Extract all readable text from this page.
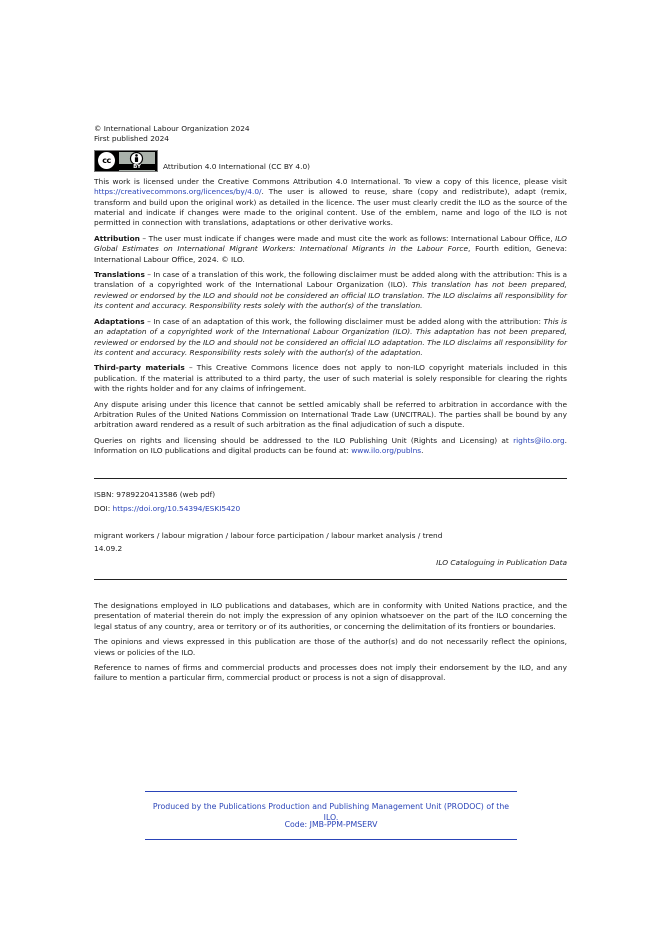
© International Labour Organization 2024

First published 2024

cc
BY	Attribution 4.0 International (CC BY 4.0)

This work is licensed under the Creative Commons Attribution 4.0 International. To view a copy of this licence, please visit https://creativecommons.org/licences/by/4.0/. The user is allowed to reuse, share (copy and redistribute), adapt (remix, transform and build upon the original work) as detailed in the licence. The user must clearly credit the ILO as the source of the material and indicate if changes were made to the original content. Use of the emblem, name and logo of the ILO is not permitted in connection with translations, adaptations or other derivative works.

Attribution – The user must indicate if changes were made and must cite the work as follows: International Labour Office, ILO Global Estimates on International Migrant Workers: International Migrants in the Labour Force, Fourth edition, Geneva: International Labour Office, 2024. © ILO.

Translations – In case of a translation of this work, the following disclaimer must be added along with the attribution: This is a translation of a copyrighted work of the International Labour Organization (ILO). This translation has not been prepared, reviewed or endorsed by the ILO and should not be considered an official ILO translation. The ILO disclaims all responsibility for its content and accuracy. Responsibility rests solely with the author(s) of the translation.

Adaptations – In case of an adaptation of this work, the following disclaimer must be added along with the attribution: This is an adaptation of a copyrighted work of the International Labour Organization (ILO). This adaptation has not been prepared, reviewed or endorsed by the ILO and should not be considered an official ILO adaptation. The ILO disclaims all responsibility for its content and accuracy. Responsibility rests solely with the author(s) of the adaptation.

Third-party materials – This Creative Commons licence does not apply to non-ILO copyright materials included in this publication. If the material is attributed to a third party, the user of such material is solely responsible for clearing the rights with the rights holder and for any claims of infringement.

Any dispute arising under this licence that cannot be settled amicably shall be referred to arbitration in accordance with the Arbitration Rules of the United Nations Commission on International Trade Law (UNCITRAL). The parties shall be bound by any arbitration award rendered as a result of such arbitration as the final adjudication of such a dispute.

Queries on rights and licensing should be addressed to the ILO Publishing Unit (Rights and Licensing) at rights@ilo.org. Information on ILO publications and digital products can be found at: www.ilo.org/publns.

ISBN: 9789220413586 (web pdf)

DOI: https://doi.org/10.54394/ESKI5420

migrant workers / labour migration / labour force participation / labour market analysis / trend

14.09.2

ILO Cataloguing in Publication Data

The designations employed in ILO publications and databases, which are in conformity with United Nations practice, and the presentation of material therein do not imply the expression of any opinion whatsoever on the part of the ILO concerning the legal status of any country, area or territory or of its authorities, or concerning the delimitation of its frontiers or boundaries.

The opinions and views expressed in this publication are those of the author(s) and do not necessarily reflect the opinions, views or policies of the ILO.

Reference to names of firms and commercial products and processes does not imply their endorsement by the ILO, and any failure to mention a particular firm, commercial product or process is not a sign of disapproval.

Produced by the Publications Production and Publishing Management Unit (PRODOC) of the ILO.
Code: JMB-PPM-PMSERV
